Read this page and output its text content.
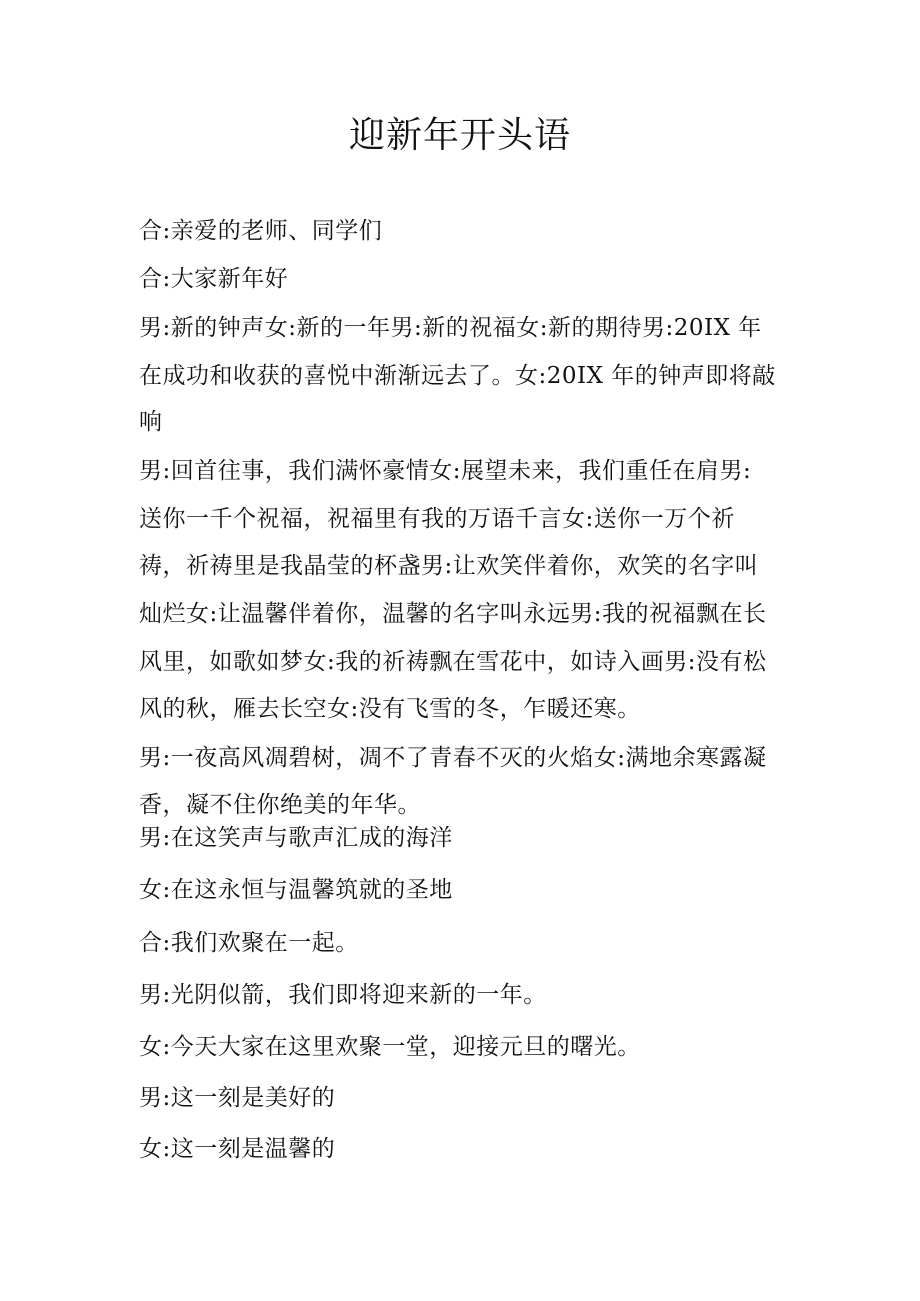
迎新年开头语

合:亲爱的老师、同学们

合:大家新年好

男:新的钟声女:新的一年男:新的祝福女:新的期待男:20IX 年

在成功和收获的喜悦中渐渐远去了。女:20IX 年的钟声即将敲

响

男:回首往事，我们满怀豪情女:展望未来，我们重任在肩男:

送你一千个祝福，祝福里有我的万语千言女:送你一万个祈

祷，祈祷里是我晶莹的杯盏男:让欢笑伴着你，欢笑的名字叫

灿烂女:让温馨伴着你，温馨的名字叫永远男:我的祝福飘在长

风里，如歌如梦女:我的祈祷飘在雪花中，如诗入画男:没有松

风的秋，雁去长空女:没有飞雪的冬，乍暖还寒。

男:一夜高风凋碧树，凋不了青春不灭的火焰女:满地余寒露凝

香，凝不住你绝美的年华。

男:在这笑声与歌声汇成的海洋

女:在这永恒与温馨筑就的圣地

合:我们欢聚在一起。

男:光阴似箭，我们即将迎来新的一年。

女:今天大家在这里欢聚一堂，迎接元旦的曙光。

男:这一刻是美好的

女:这一刻是温馨的
